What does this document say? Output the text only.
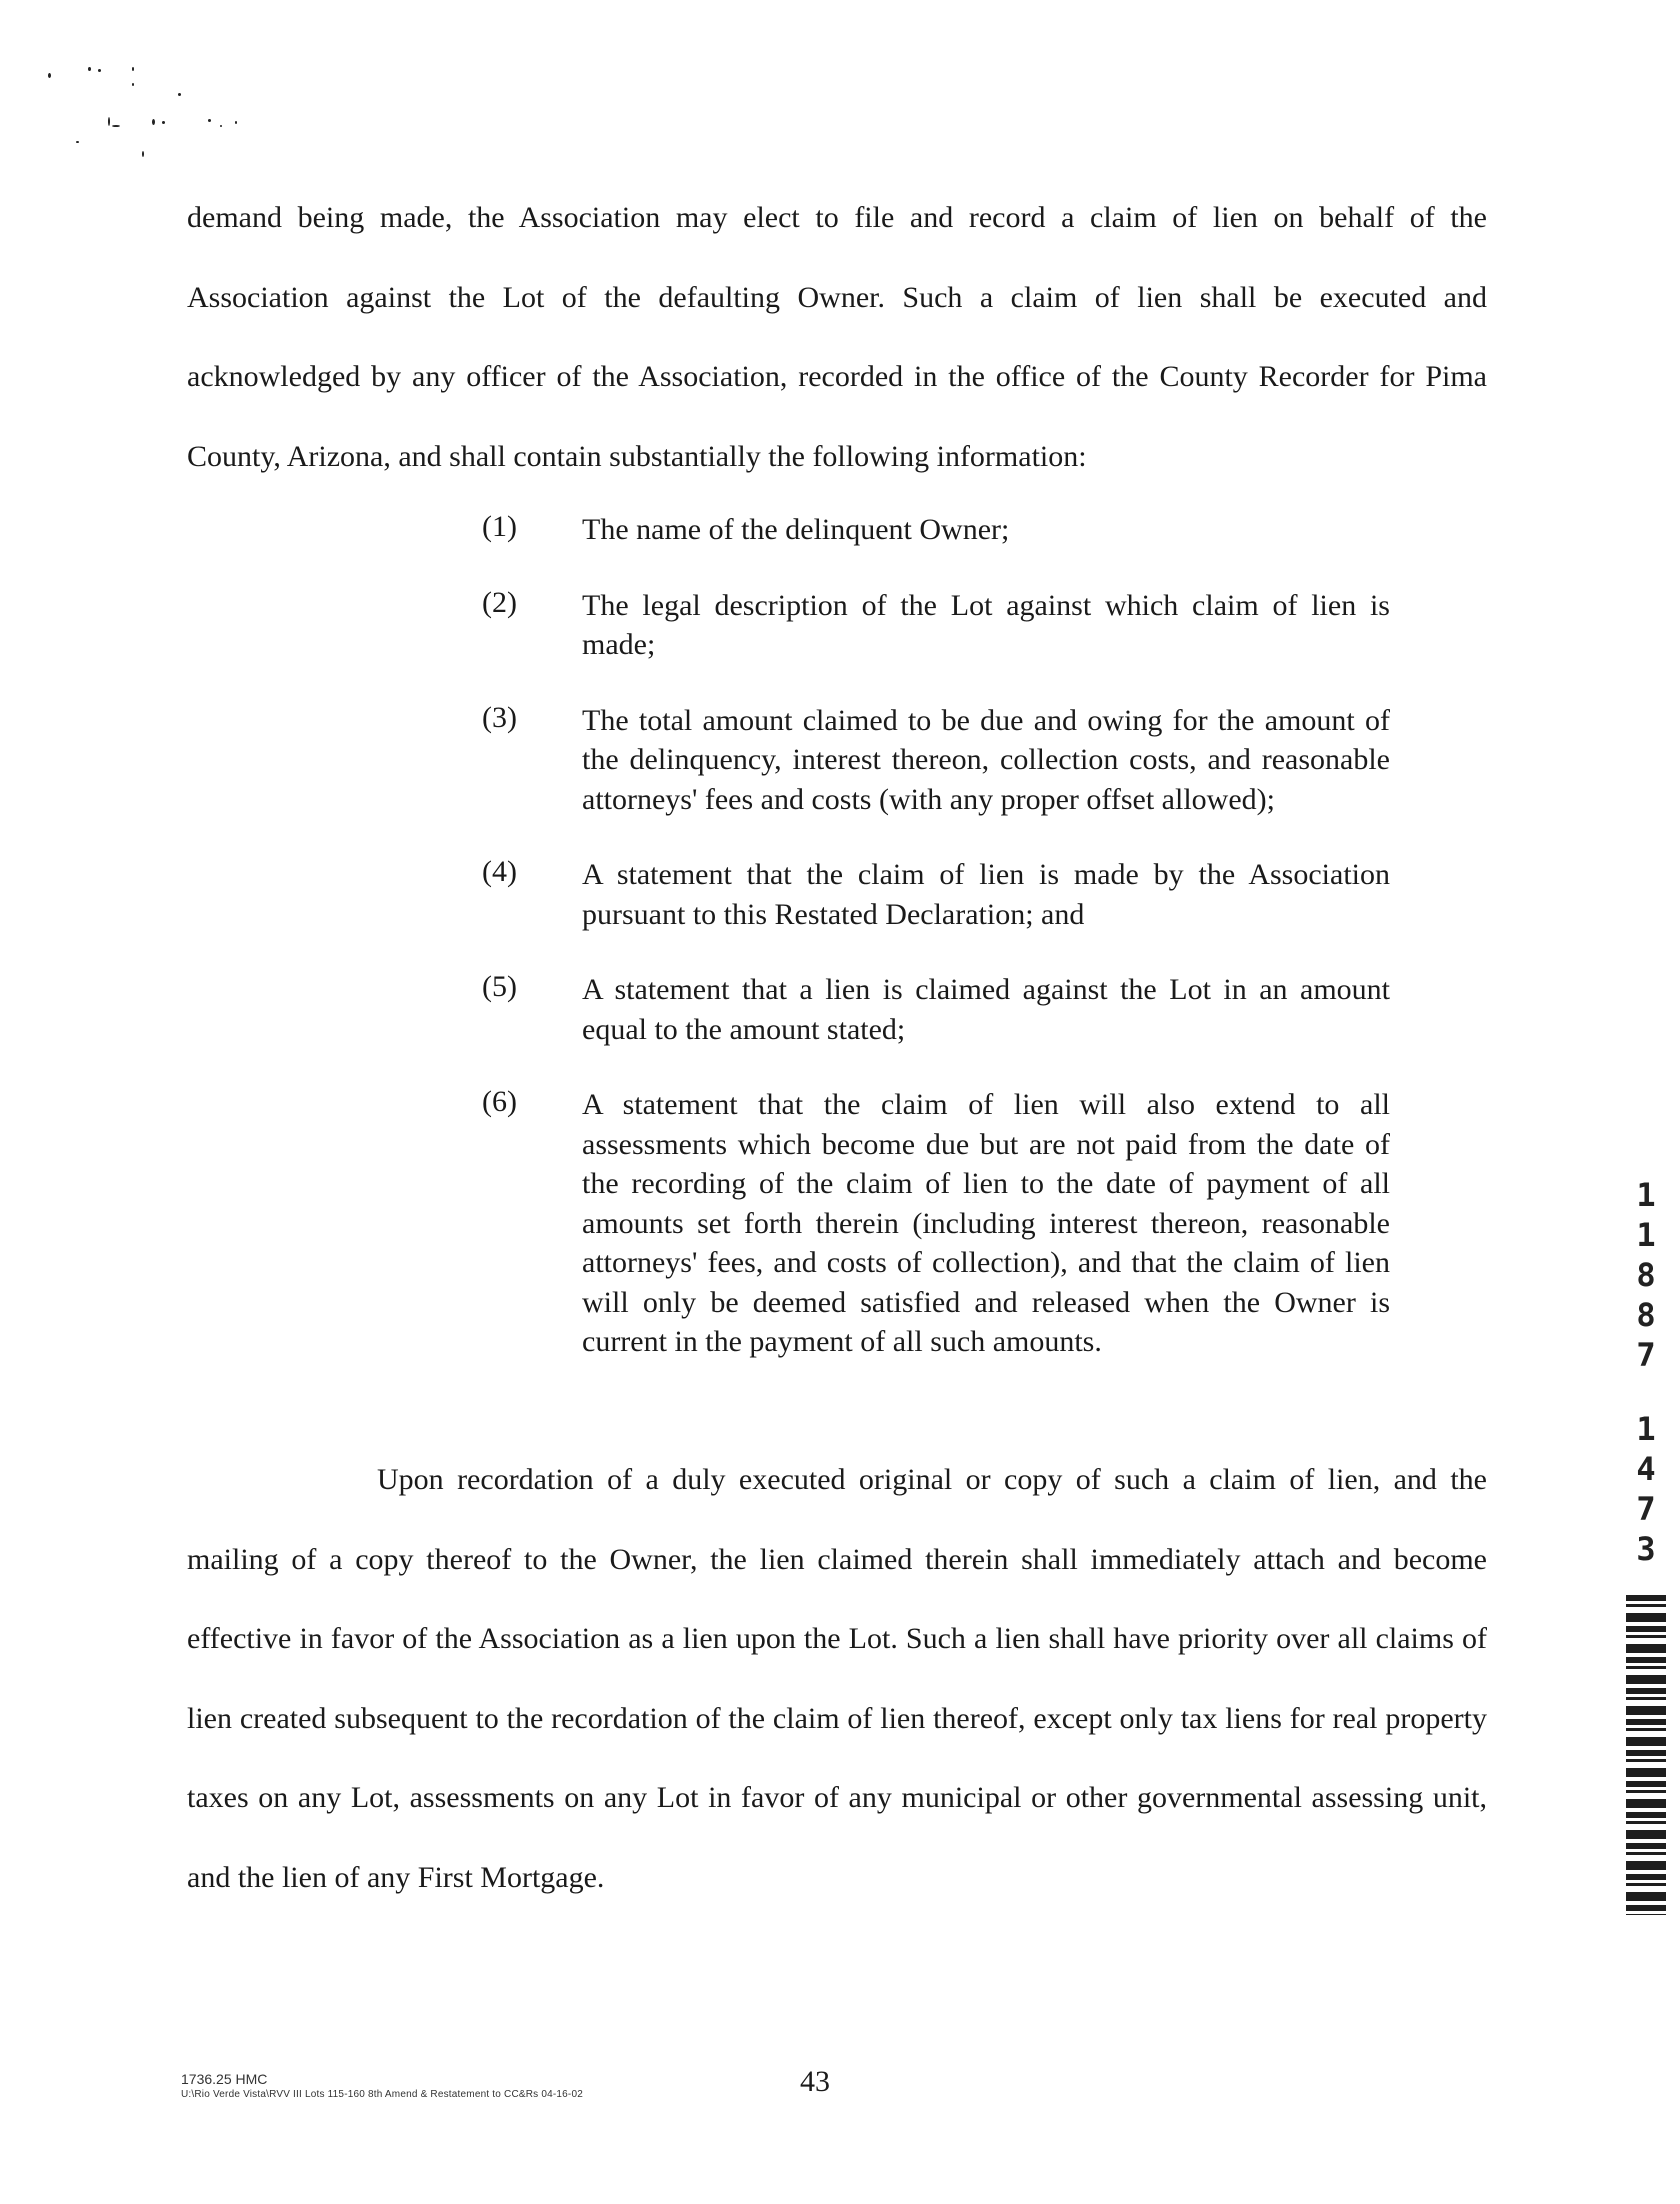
demand being made, the Association may elect to file and record a claim of lien on behalf of the Association against the Lot of the defaulting Owner. Such a claim of lien shall be executed and acknowledged by any officer of the Association, recorded in the office of the County Recorder for Pima County, Arizona, and shall contain substantially the following information:
(1)	The name of the delinquent Owner;
(2)	The legal description of the Lot against which claim of lien is made;
(3)	The total amount claimed to be due and owing for the amount of the delinquency, interest thereon, collection costs, and reasonable attorneys' fees and costs (with any proper offset allowed);
(4)	A statement that the claim of lien is made by the Association pursuant to this Restated Declaration; and
(5)	A statement that a lien is claimed against the Lot in an amount equal to the amount stated;
(6)	A statement that the claim of lien will also extend to all assessments which become due but are not paid from the date of the recording of the claim of lien to the date of payment of all amounts set forth therein (including interest thereon, reasonable attorneys' fees, and costs of collection), and that the claim of lien will only be deemed satisfied and released when the Owner is current in the payment of all such amounts.
Upon recordation of a duly executed original or copy of such a claim of lien, and the mailing of a copy thereof to the Owner, the lien claimed therein shall immediately attach and become effective in favor of the Association as a lien upon the Lot. Such a lien shall have priority over all claims of lien created subsequent to the recordation of the claim of lien thereof, except only tax liens for real property taxes on any Lot, assessments on any Lot in favor of any municipal or other governmental assessing unit, and the lien of any First Mortgage.
1
1
8
8
7
1
4
7
3
1736.25 HMC
U:\Rio Verde Vista\RVV III Lots 115-160 8th Amend & Restatement to CC&Rs 04-16-02	43
